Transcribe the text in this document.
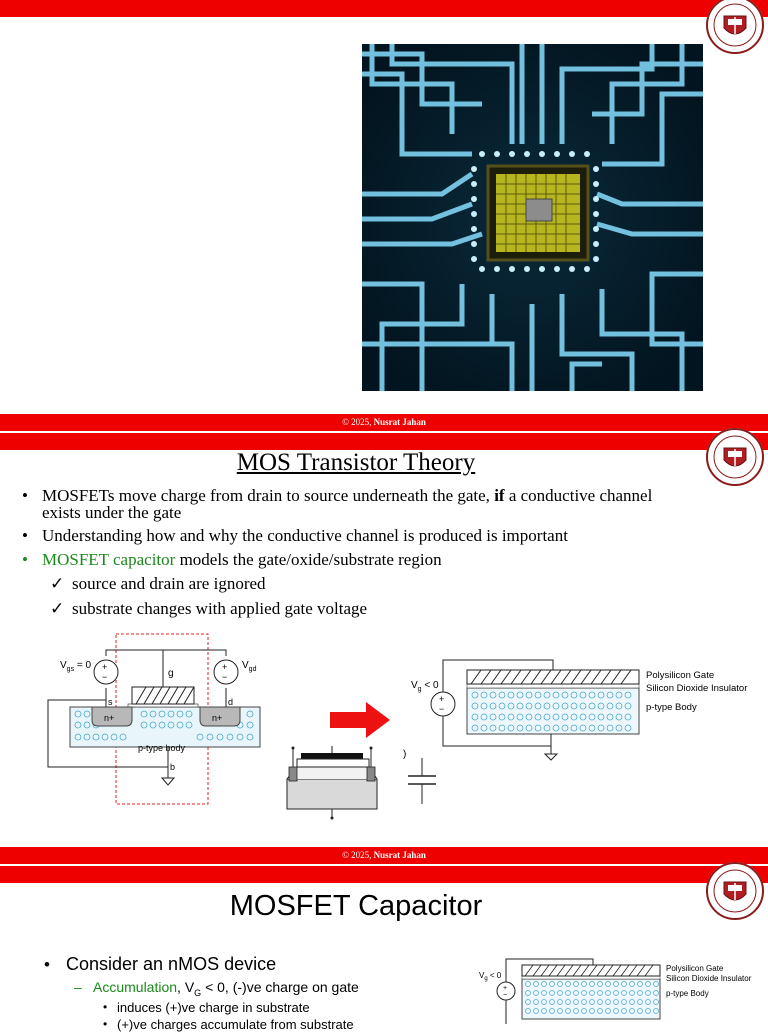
© 2025, Nusrat Jahan
MOS Transistor Theory
• MOSFETs move charge from drain to source underneath the gate, if a conductive channel
exists under the gate
• Understanding how and why the conductive channel is produced is important
• MOSFET capacitor models the gate/oxide/substrate region
✓ source and drain are ignored
✓ substrate changes with applied gate voltage
n+	n+
p-type body
+
−
+
−
$V_{gs} = 0$	$V_{gd}$
g
s	d
b
)
+
−
$V_g < 0$
Polysilicon Gate
Silicon Dioxide Insulator
p-type Body
© 2025, Nusrat Jahan
MOSFET Capacitor
• Consider an nMOS device
– Accumulation, $V_G < 0$, (-)ve charge on gate
• induces (+)ve charge in substrate
• (+)ve charges accumulate from substrate
+
−
$V_g < 0$
Polysilicon Gate
Silicon Dioxide Insulator
p-type Body
